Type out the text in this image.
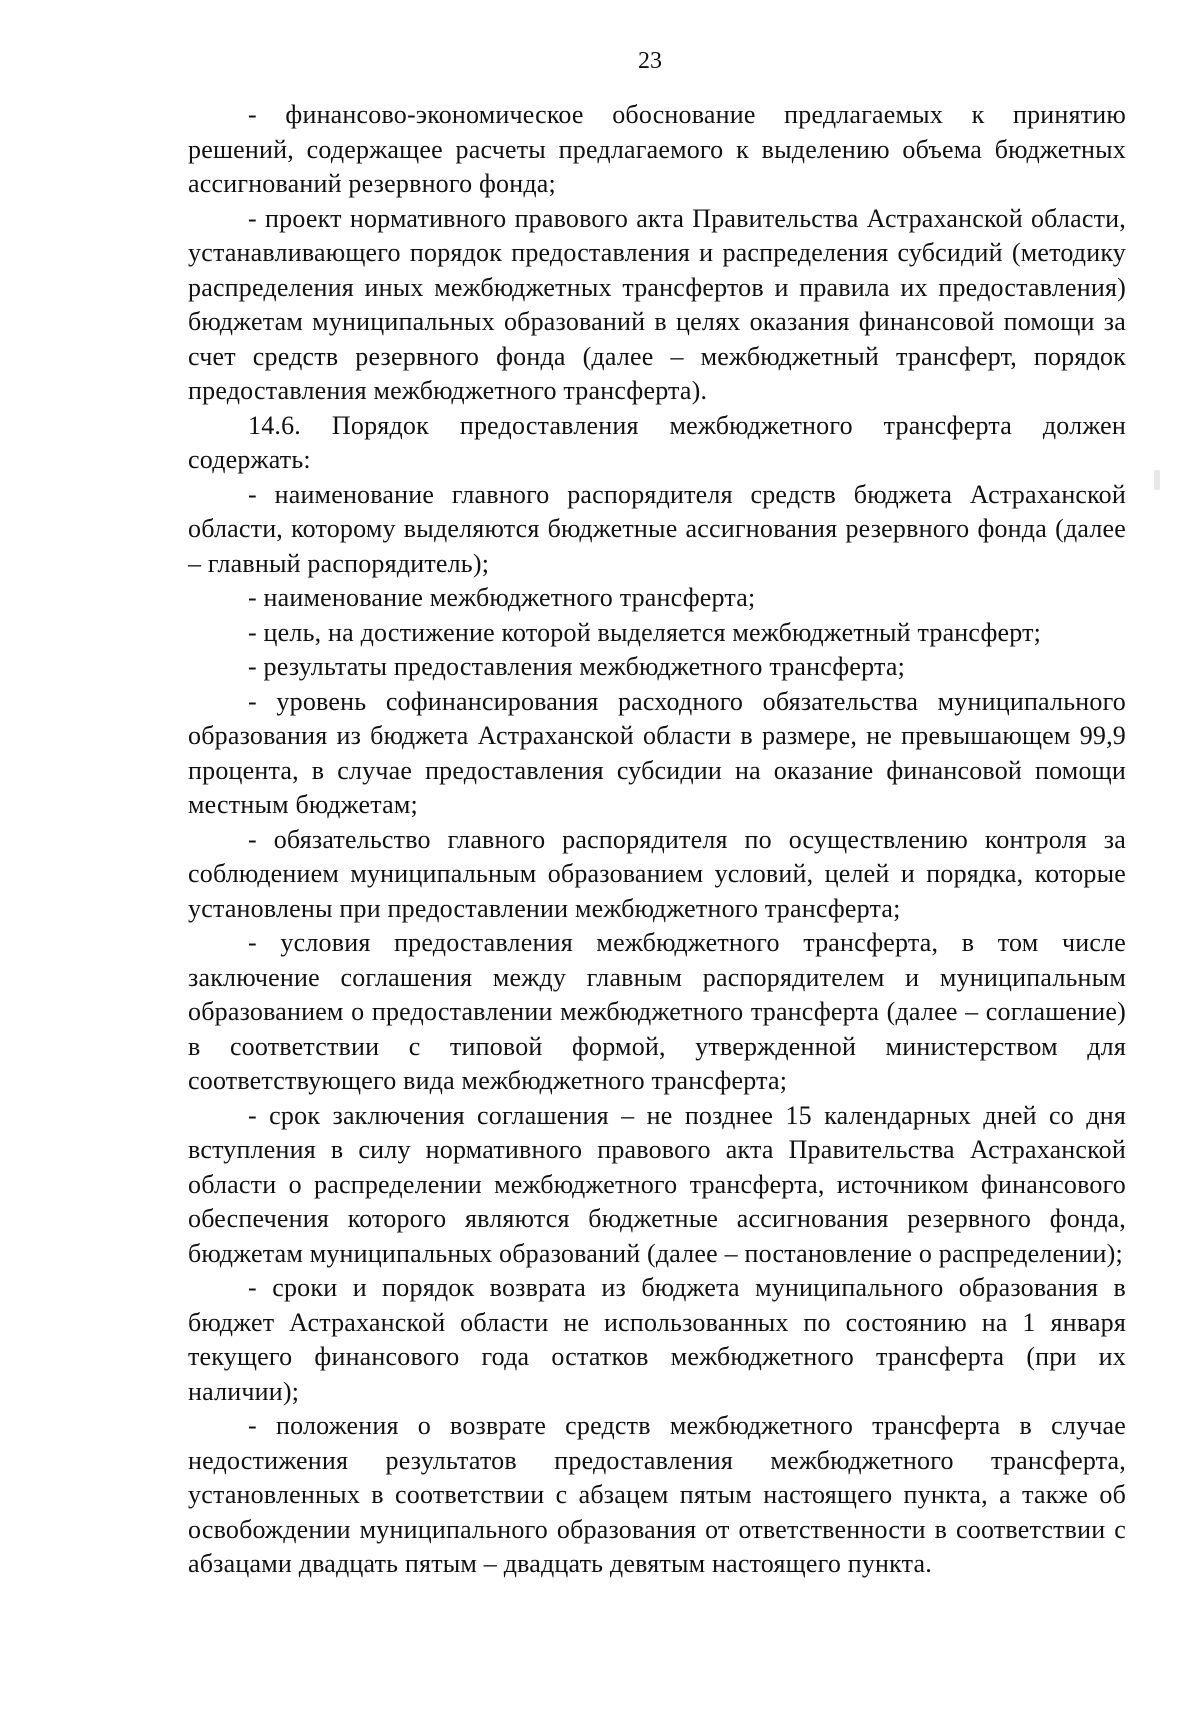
23

- финансово-экономическое обоснование предлагаемых к принятию решений, содержащее расчеты предлагаемого к выделению объема бюджетных ассигнований резервного фонда;

- проект нормативного правового акта Правительства Астраханской области, устанавливающего порядок предоставления и распределения субсидий (методику распределения иных межбюджетных трансфертов и правила их предоставления) бюджетам муниципальных образований в целях оказания финансовой помощи за счет средств резервного фонда (далее – межбюджетный трансферт, порядок предоставления межбюджетного трансферта).

14.6. Порядок предоставления межбюджетного трансферта должен содержать:

- наименование главного распорядителя средств бюджета Астраханской области, которому выделяются бюджетные ассигнования резервного фонда (далее – главный распорядитель);

- наименование межбюджетного трансферта;

- цель, на достижение которой выделяется межбюджетный трансферт;

- результаты предоставления межбюджетного трансферта;

- уровень софинансирования расходного обязательства муниципального образования из бюджета Астраханской области в размере, не превышающем 99,9 процента, в случае предоставления субсидии на оказание финансовой помощи местным бюджетам;

- обязательство главного распорядителя по осуществлению контроля за соблюдением муниципальным образованием условий, целей и порядка, которые установлены при предоставлении межбюджетного трансферта;

- условия предоставления межбюджетного трансферта, в том числе заключение соглашения между главным распорядителем и муниципальным образованием о предоставлении межбюджетного трансферта (далее – соглашение) в соответствии с типовой формой, утвержденной министерством для соответствующего вида межбюджетного трансферта;

- срок заключения соглашения – не позднее 15 календарных дней со дня вступления в силу нормативного правового акта Правительства Астраханской области о распределении межбюджетного трансферта, источником финансового обеспечения которого являются бюджетные ассигнования резервного фонда, бюджетам муниципальных образований (далее – постановление о распределении);

- сроки и порядок возврата из бюджета муниципального образования в бюджет Астраханской области не использованных по состоянию на 1 января текущего финансового года остатков межбюджетного трансферта (при их наличии);

- положения о возврате средств межбюджетного трансферта в случае недостижения результатов предоставления межбюджетного трансферта, установленных в соответствии с абзацем пятым настоящего пункта, а также об освобождении муниципального образования от ответственности в соответствии с абзацами двадцать пятым – двадцать девятым настоящего пункта.
